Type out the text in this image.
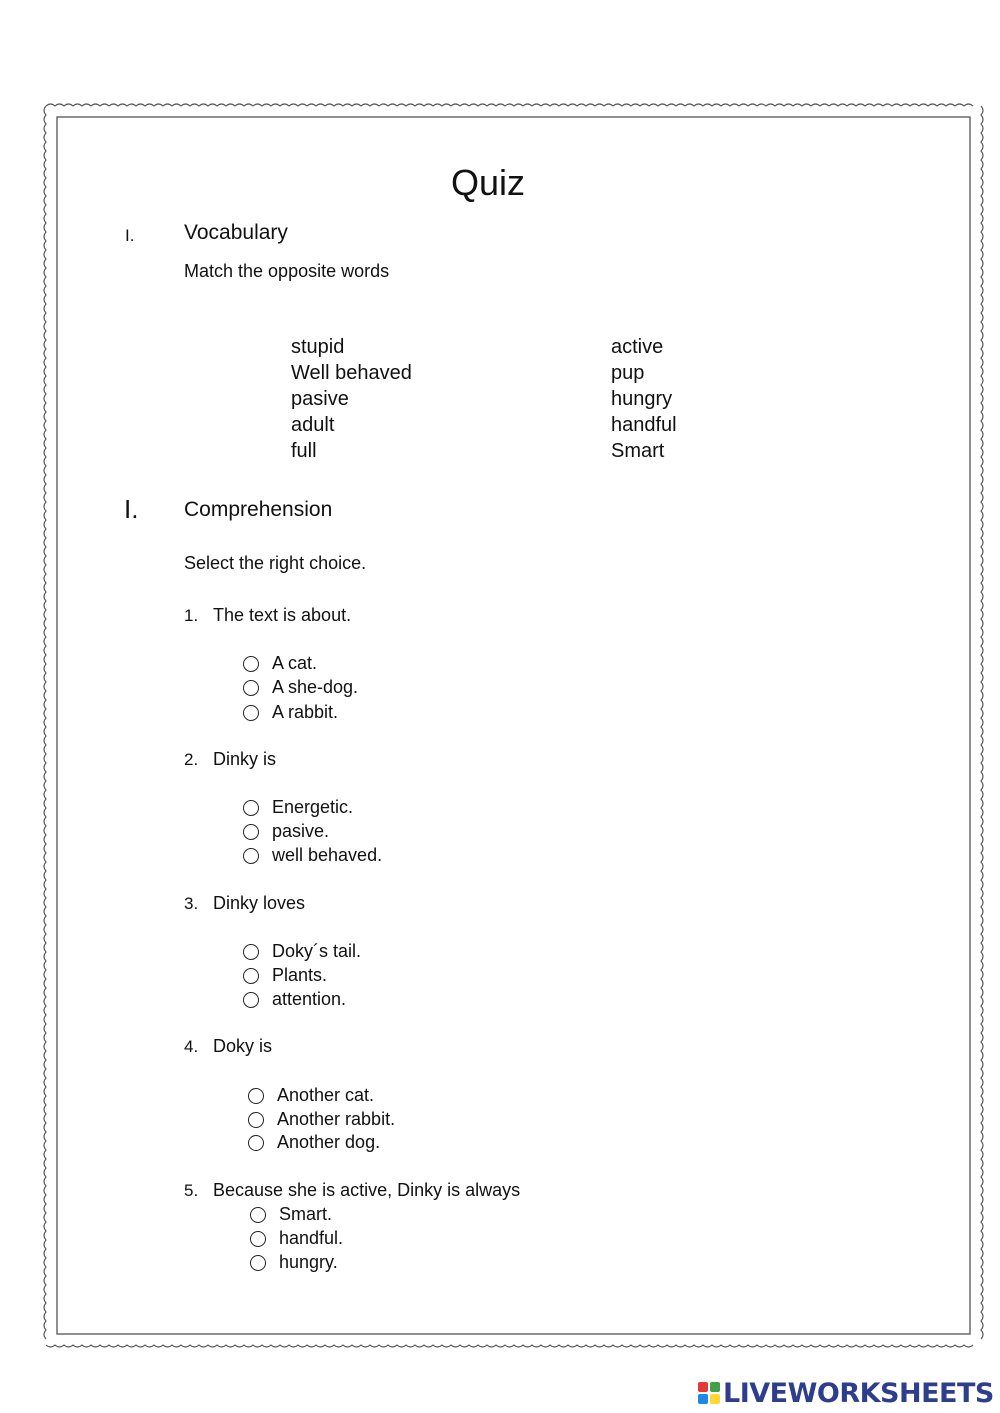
Quiz
I. Vocabulary
Match the opposite words
stupid
Well behaved
pasive
adult
full
active
pup
hungry
handful
Smart
I. Comprehension
Select the right choice.
1. The text is about.
A cat.
A she-dog.
A rabbit.
2. Dinky is
Energetic.
pasive.
well behaved.
3. Dinky loves
Doky´s tail.
Plants.
attention.
4. Doky is
Another cat.
Another rabbit.
Another dog.
5. Because she is active, Dinky is always
Smart.
handful.
hungry.
LIVEWORKSHEETS
